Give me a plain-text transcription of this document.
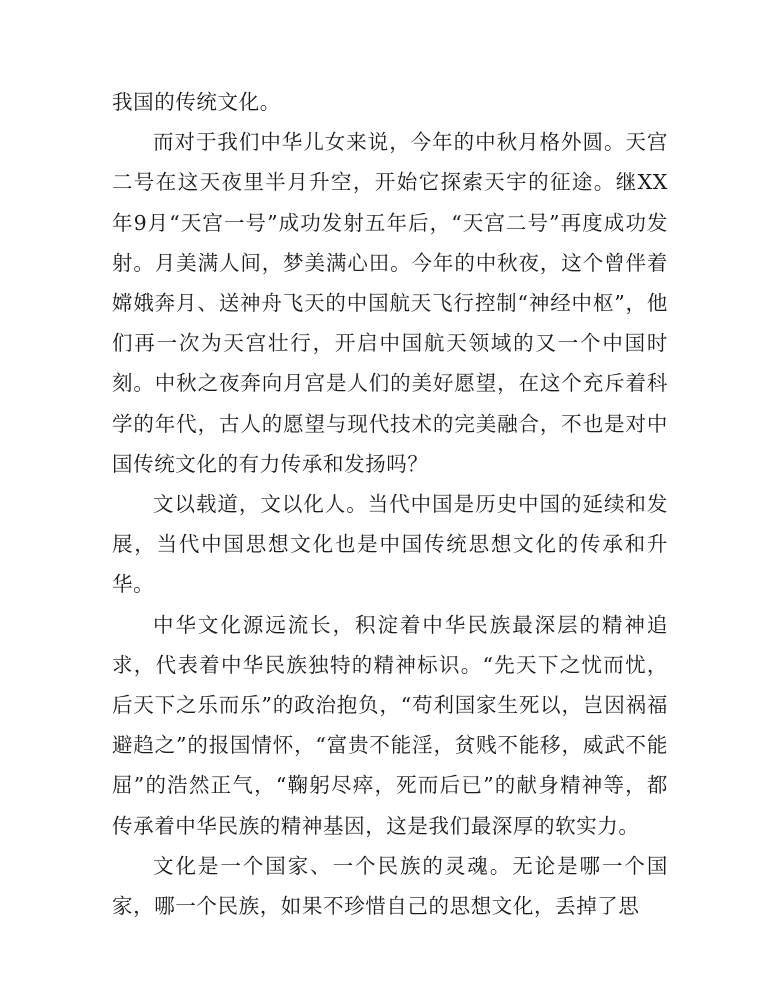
我国的传统文化。

而对于我们中华儿女来说，今年的中秋月格外圆。天宫二号在这天夜里半月升空，开始它探索天宇的征途。继XX年9月“天宫一号”成功发射五年后，“天宫二号”再度成功发射。月美满人间，梦美满心田。今年的中秋夜，这个曾伴着嫦娥奔月、送神舟飞天的中国航天飞行控制“神经中枢”，他们再一次为天宫壮行，开启中国航天领域的又一个中国时刻。中秋之夜奔向月宫是人们的美好愿望，在这个充斥着科学的年代，古人的愿望与现代技术的完美融合，不也是对中国传统文化的有力传承和发扬吗？

文以载道，文以化人。当代中国是历史中国的延续和发展，当代中国思想文化也是中国传统思想文化的传承和升华。

中华文化源远流长，积淀着中华民族最深层的精神追求，代表着中华民族独特的精神标识。“先天下之忧而忧，后天下之乐而乐”的政治抱负，“苟利国家生死以，岂因祸福避趋之”的报国情怀，“富贵不能淫，贫贱不能移，威武不能屈”的浩然正气，“鞠躬尽瘁，死而后已”的献身精神等，都传承着中华民族的精神基因，这是我们最深厚的软实力。

文化是一个国家、一个民族的灵魂。无论是哪一个国家，哪一个民族，如果不珍惜自己的思想文化，丢掉了思
